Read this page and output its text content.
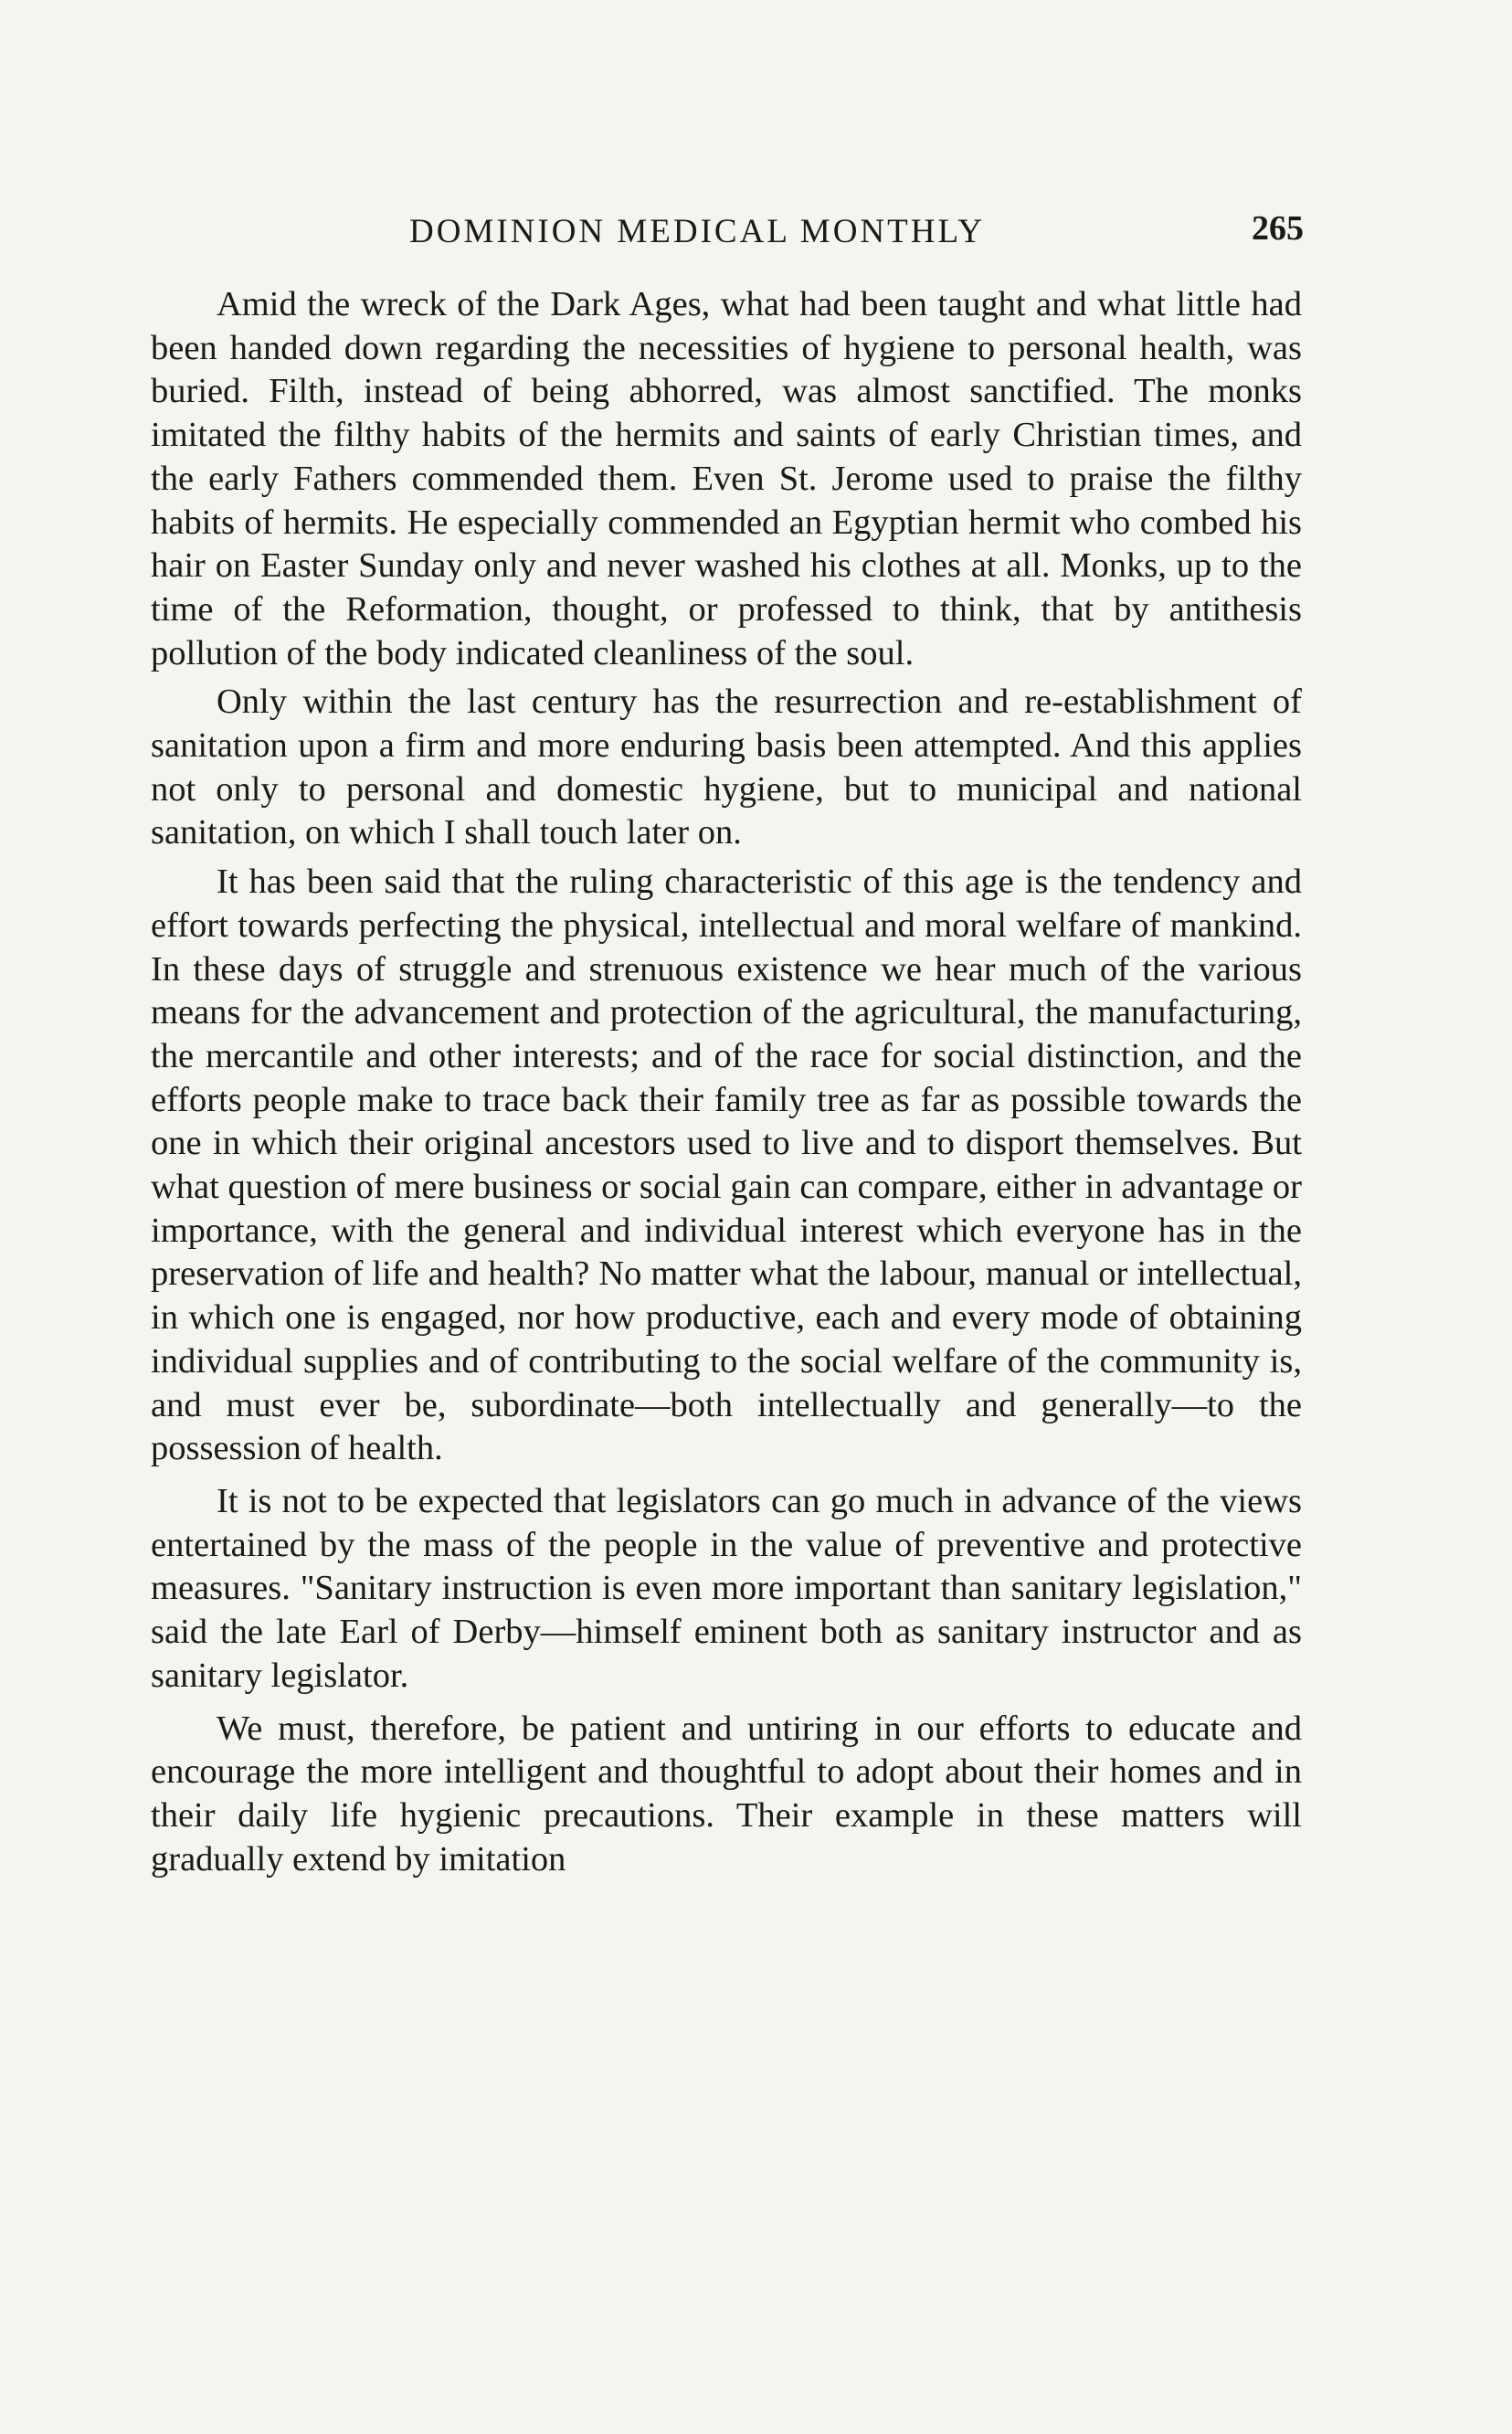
DOMINION MEDICAL MONTHLY	265

Amid the wreck of the Dark Ages, what had been taught and what little had been handed down regarding the necessities of hygiene to personal health, was buried. Filth, instead of being abhorred, was almost sanctified. The monks imitated the filthy habits of the hermits and saints of early Christian times, and the early Fathers commended them. Even St. Jerome used to praise the filthy habits of hermits. He especially commended an Egyptian hermit who combed his hair on Easter Sunday only and never washed his clothes at all. Monks, up to the time of the Reformation, thought, or professed to think, that by antithesis pollution of the body indicated cleanliness of the soul.

Only within the last century has the resurrection and re-establishment of sanitation upon a firm and more enduring basis been attempted. And this applies not only to personal and domestic hygiene, but to municipal and national sanitation, on which I shall touch later on.

It has been said that the ruling characteristic of this age is the tendency and effort towards perfecting the physical, intellectual and moral welfare of mankind. In these days of struggle and strenuous existence we hear much of the various means for the advancement and protection of the agricultural, the manufacturing, the mercantile and other interests; and of the race for social distinction, and the efforts people make to trace back their family tree as far as possible towards the one in which their original ancestors used to live and to disport themselves. But what question of mere business or social gain can compare, either in advantage or importance, with the general and individual interest which everyone has in the preservation of life and health? No matter what the labour, manual or intellectual, in which one is engaged, nor how productive, each and every mode of obtaining individual supplies and of contributing to the social welfare of the community is, and must ever be, subordinate—both intellectually and generally—to the possession of health.

It is not to be expected that legislators can go much in advance of the views entertained by the mass of the people in the value of preventive and protective measures. "Sanitary instruction is even more important than sanitary legislation," said the late Earl of Derby—himself eminent both as sanitary instructor and as sanitary legislator.

We must, therefore, be patient and untiring in our efforts to educate and encourage the more intelligent and thoughtful to adopt about their homes and in their daily life hygienic precautions. Their example in these matters will gradually extend by imitation
